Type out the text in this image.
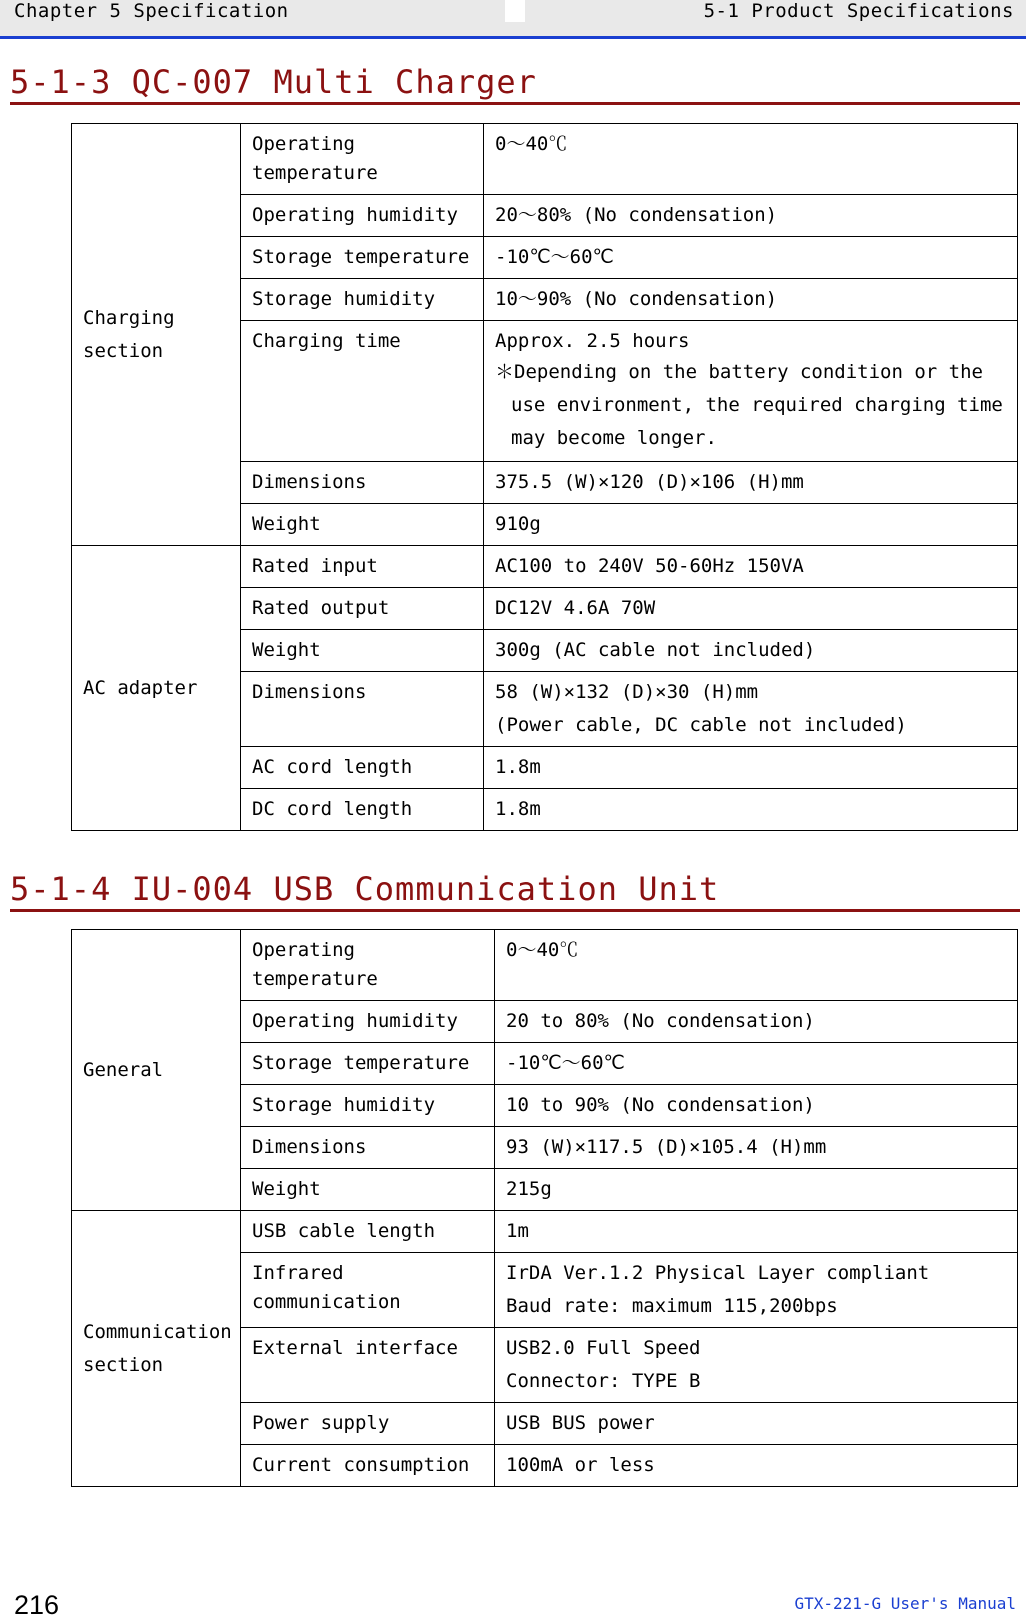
Chapter 5 Specification	5-1 Product Specifications
5-1-3 QC-007 Multi Charger
Charging section	Operating temperature	0～40℃

	Operating humidity	20～80% (No condensation)

	Storage temperature	-10℃～60℃

	Storage humidity	10～90% (No condensation)

	Charging time	Approx. 2.5 hours
＊Depending on the battery condition or the use environment, the required charging time may become longer.

	Dimensions	375.5 (W)×120 (D)×106 (H)mm

	Weight	910g

AC adapter	Rated input	AC100 to 240V 50-60Hz 150VA

	Rated output	DC12V 4.6A 70W

	Weight	300g (AC cable not included)

	Dimensions	58 (W)×132 (D)×30 (H)mm
(Power cable, DC cable not included)

	AC cord length	1.8m

	DC cord length	1.8m
5-1-4 IU-004 USB Communication Unit
General	Operating temperature	0～40℃

	Operating humidity	20 to 80% (No condensation)

	Storage temperature	-10℃～60℃

	Storage humidity	10 to 90% (No condensation)

	Dimensions	93 (W)×117.5 (D)×105.4 (H)mm

	Weight	215g

Communication section	USB cable length	1m

	Infrared communication	IrDA Ver.1.2 Physical Layer compliant
Baud rate: maximum 115,200bps

	External interface	USB2.0 Full Speed
Connector: TYPE B

	Power supply	USB BUS power

	Current consumption	100mA or less
216	GTX-221-G User's Manual
